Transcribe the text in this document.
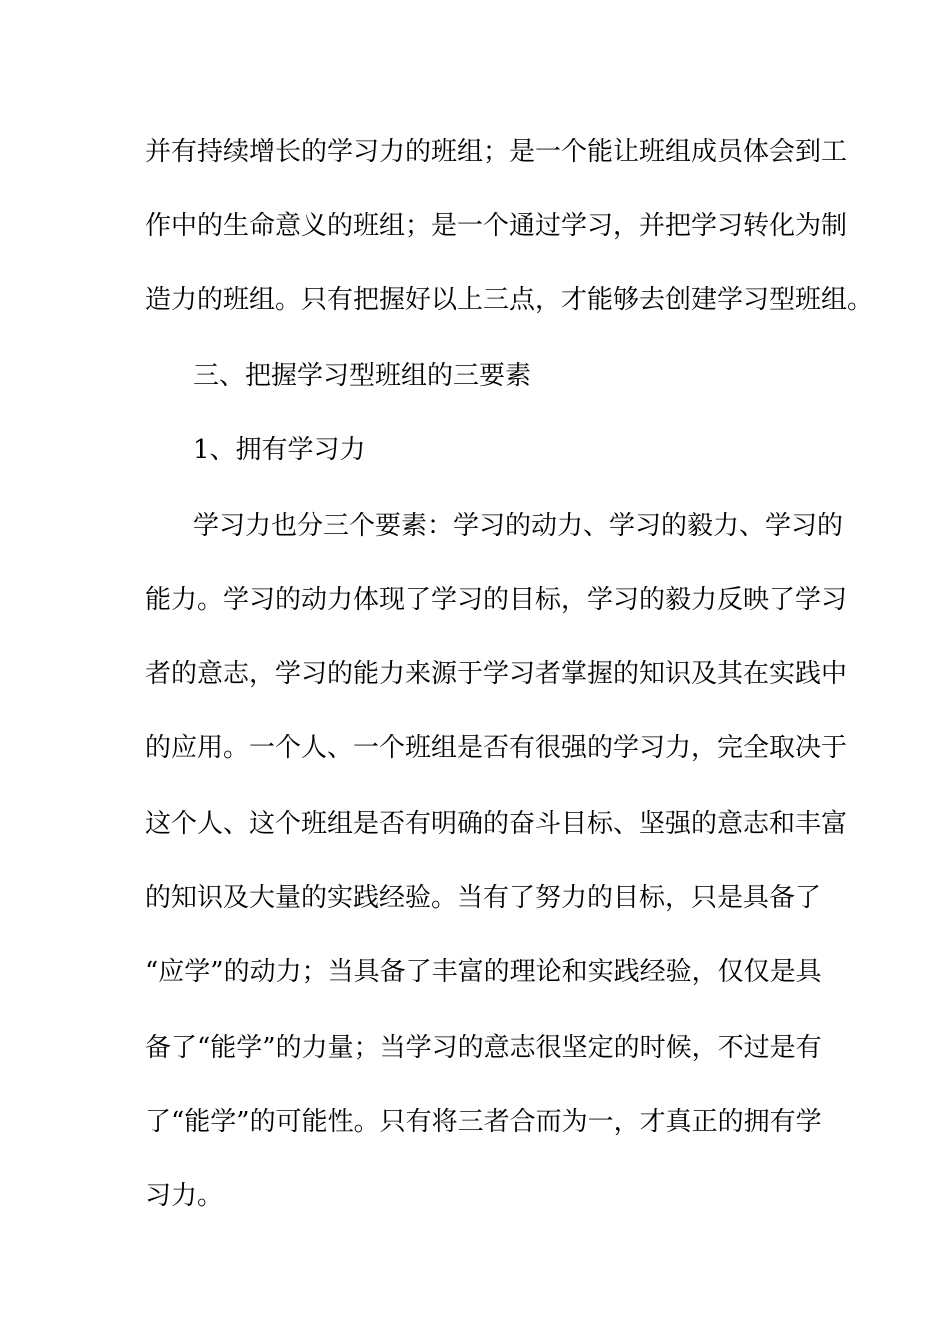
并有持续增长的学习力的班组；是一个能让班组成员体会到工
作中的生命意义的班组；是一个通过学习，并把学习转化为制
造力的班组。只有把握好以上三点，才能够去创建学习型班组。
三、把握学习型班组的三要素
1、拥有学习力
学习力也分三个要素：学习的动力、学习的毅力、学习的
能力。学习的动力体现了学习的目标，学习的毅力反映了学习
者的意志，学习的能力来源于学习者掌握的知识及其在实践中
的应用。一个人、一个班组是否有很强的学习力，完全取决于
这个人、这个班组是否有明确的奋斗目标、坚强的意志和丰富
的知识及大量的实践经验。当有了努力的目标，只是具备了
“应学”的动力；当具备了丰富的理论和实践经验，仅仅是具
备了“能学”的力量；当学习的意志很坚定的时候，不过是有
了“能学”的可能性。只有将三者合而为一，才真正的拥有学
习力。
